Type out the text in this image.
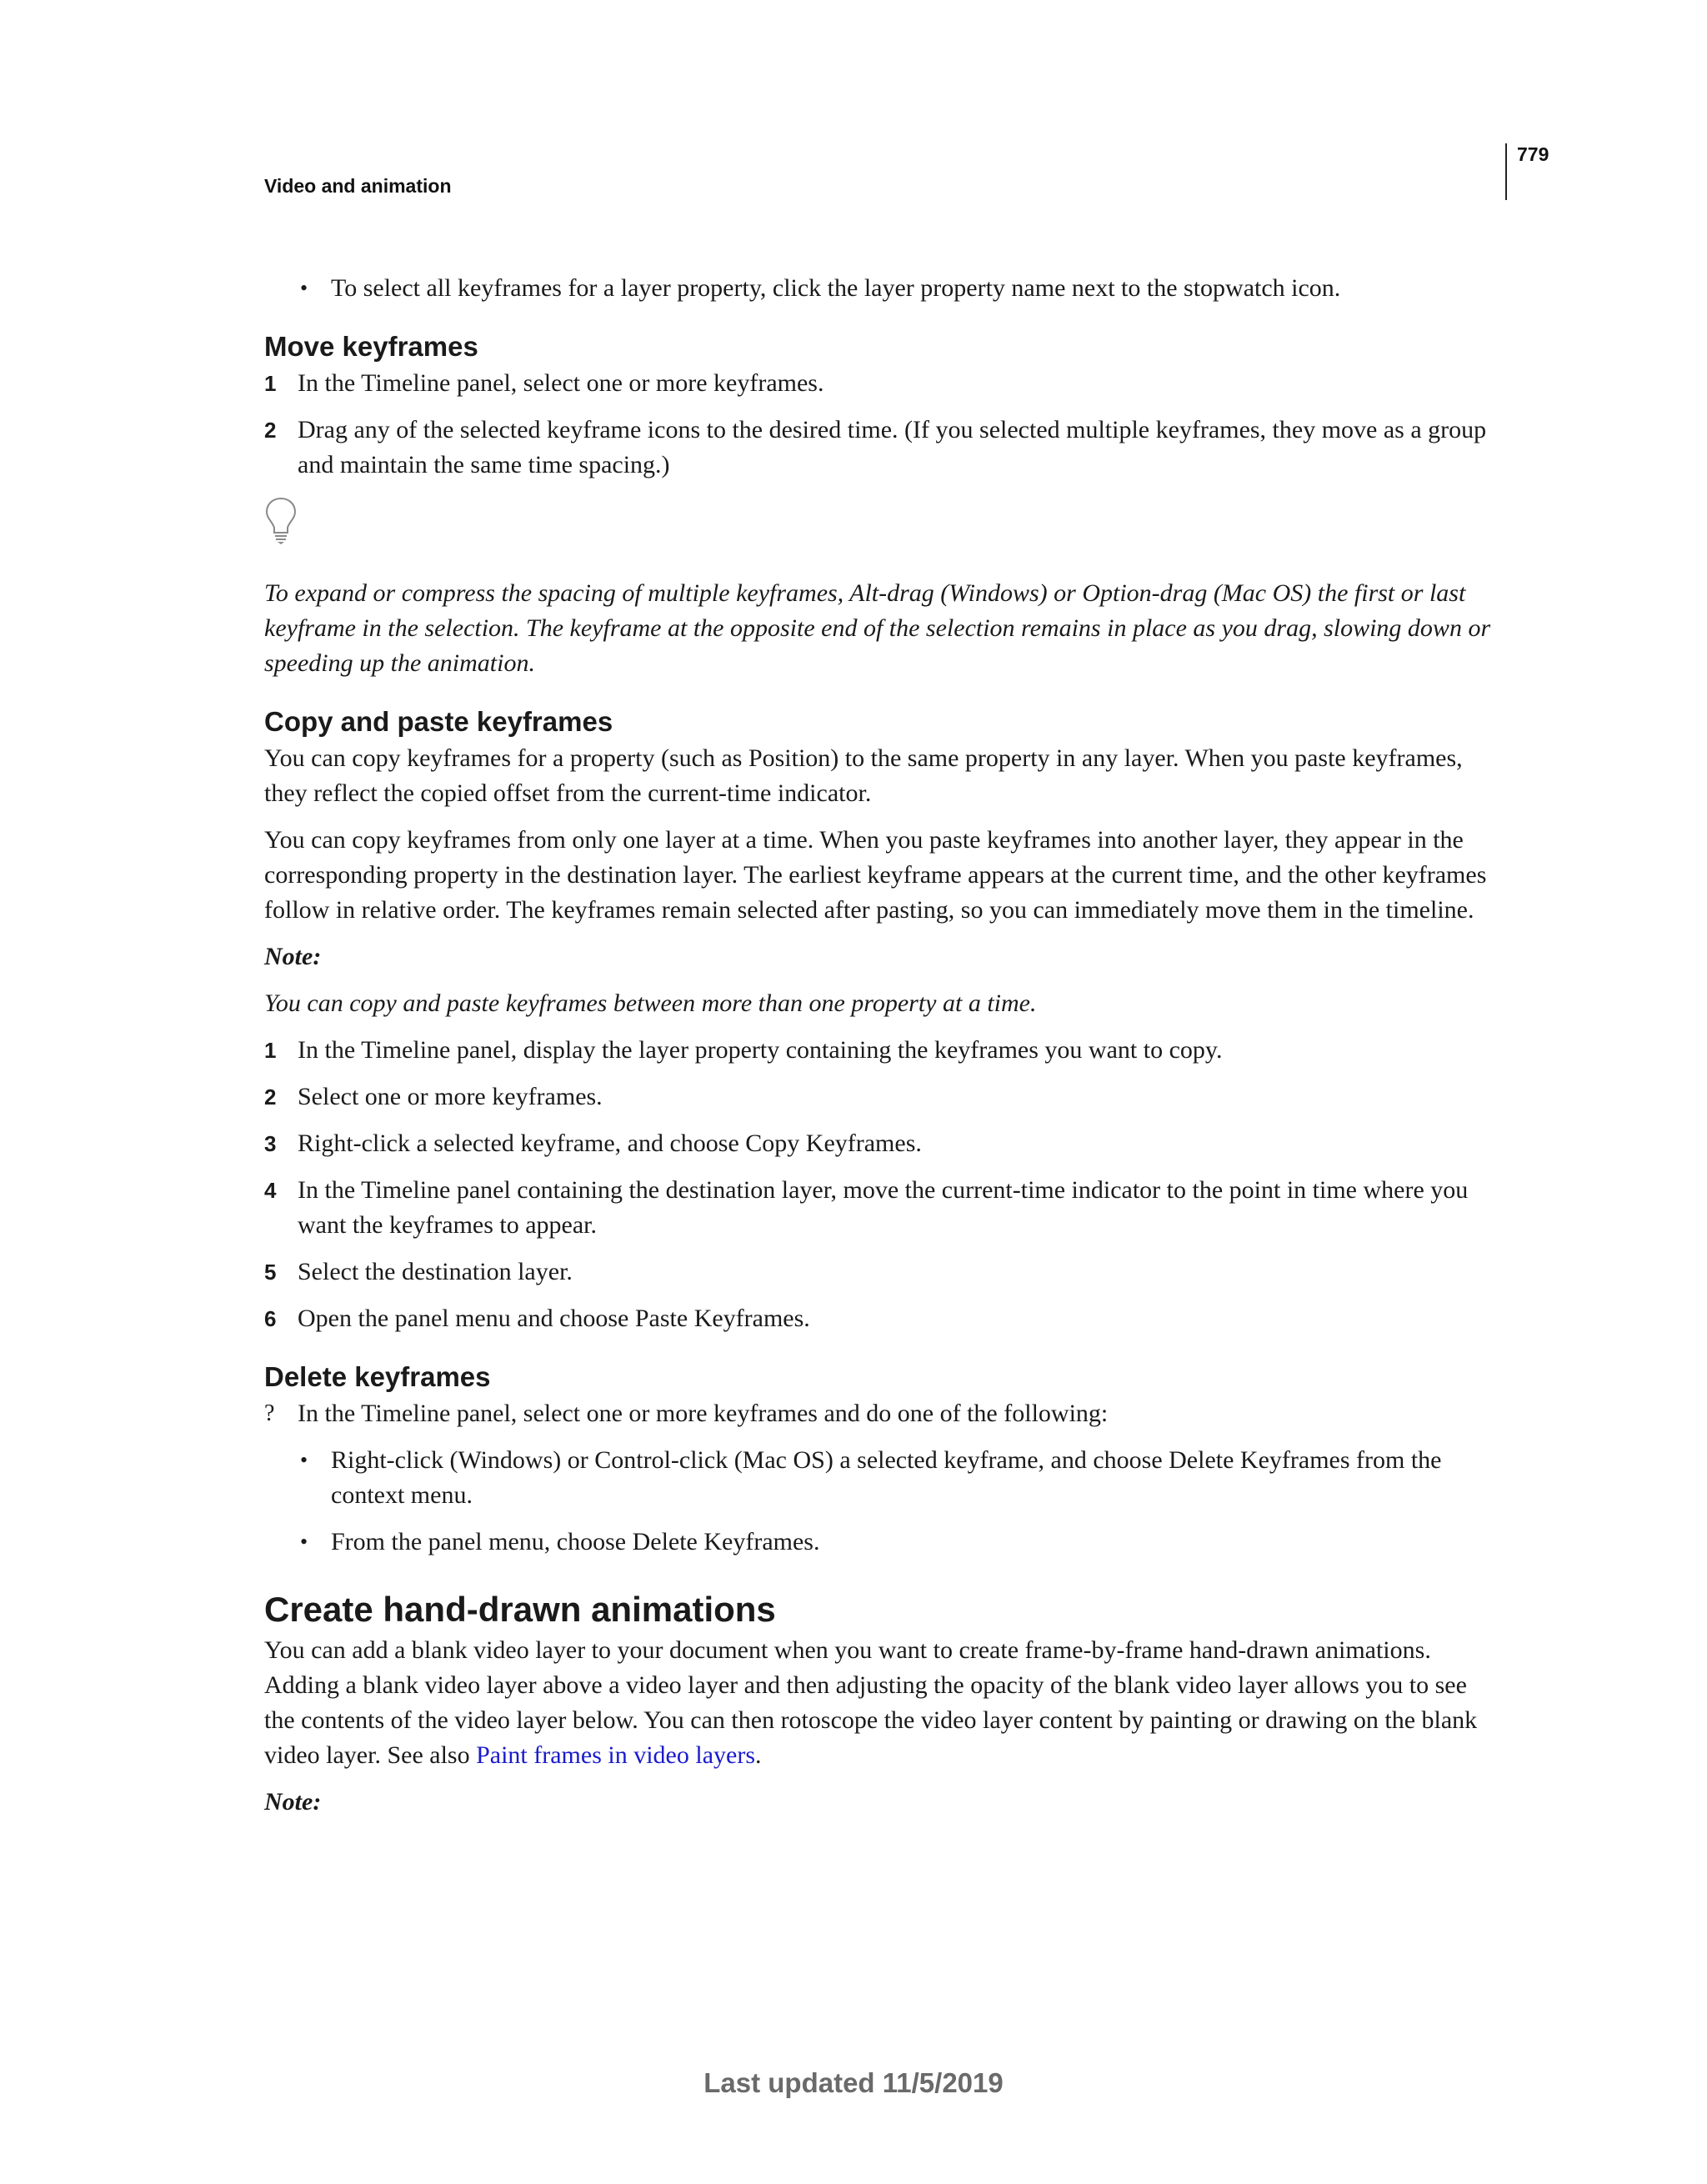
779
Video and animation

• To select all keyframes for a layer property, click the layer property name next to the stopwatch icon.

Move keyframes
1 In the Timeline panel, select one or more keyframes.
2 Drag any of the selected keyframe icons to the desired time. (If you selected multiple keyframes, they move as a group and maintain the same time spacing.)

To expand or compress the spacing of multiple keyframes, Alt-drag (Windows) or Option-drag (Mac OS) the first or last keyframe in the selection. The keyframe at the opposite end of the selection remains in place as you drag, slowing down or speeding up the animation.

Copy and paste keyframes

You can copy keyframes for a property (such as Position) to the same property in any layer. When you paste keyframes, they reflect the copied offset from the current-time indicator.

You can copy keyframes from only one layer at a time. When you paste keyframes into another layer, they appear in the corresponding property in the destination layer. The earliest keyframe appears at the current time, and the other keyframes follow in relative order. The keyframes remain selected after pasting, so you can immediately move them in the timeline.

Note:

You can copy and paste keyframes between more than one property at a time.

1 In the Timeline panel, display the layer property containing the keyframes you want to copy.
2 Select one or more keyframes.
3 Right-click a selected keyframe, and choose Copy Keyframes.
4 In the Timeline panel containing the destination layer, move the current-time indicator to the point in time where you want the keyframes to appear.
5 Select the destination layer.
6 Open the panel menu and choose Paste Keyframes.
Delete keyframes
? In the Timeline panel, select one or more keyframes and do one of the following:

• Right-click (Windows) or Control-click (Mac OS) a selected keyframe, and choose Delete Keyframes from the context menu.

• From the panel menu, choose Delete Keyframes.

Create hand-drawn animations

You can add a blank video layer to your document when you want to create frame-by-frame hand-drawn animations. Adding a blank video layer above a video layer and then adjusting the opacity of the blank video layer allows you to see the contents of the video layer below. You can then rotoscope the video layer content by painting or drawing on the blank video layer. See also Paint frames in video layers.

Note:

Last updated 11/5/2019
